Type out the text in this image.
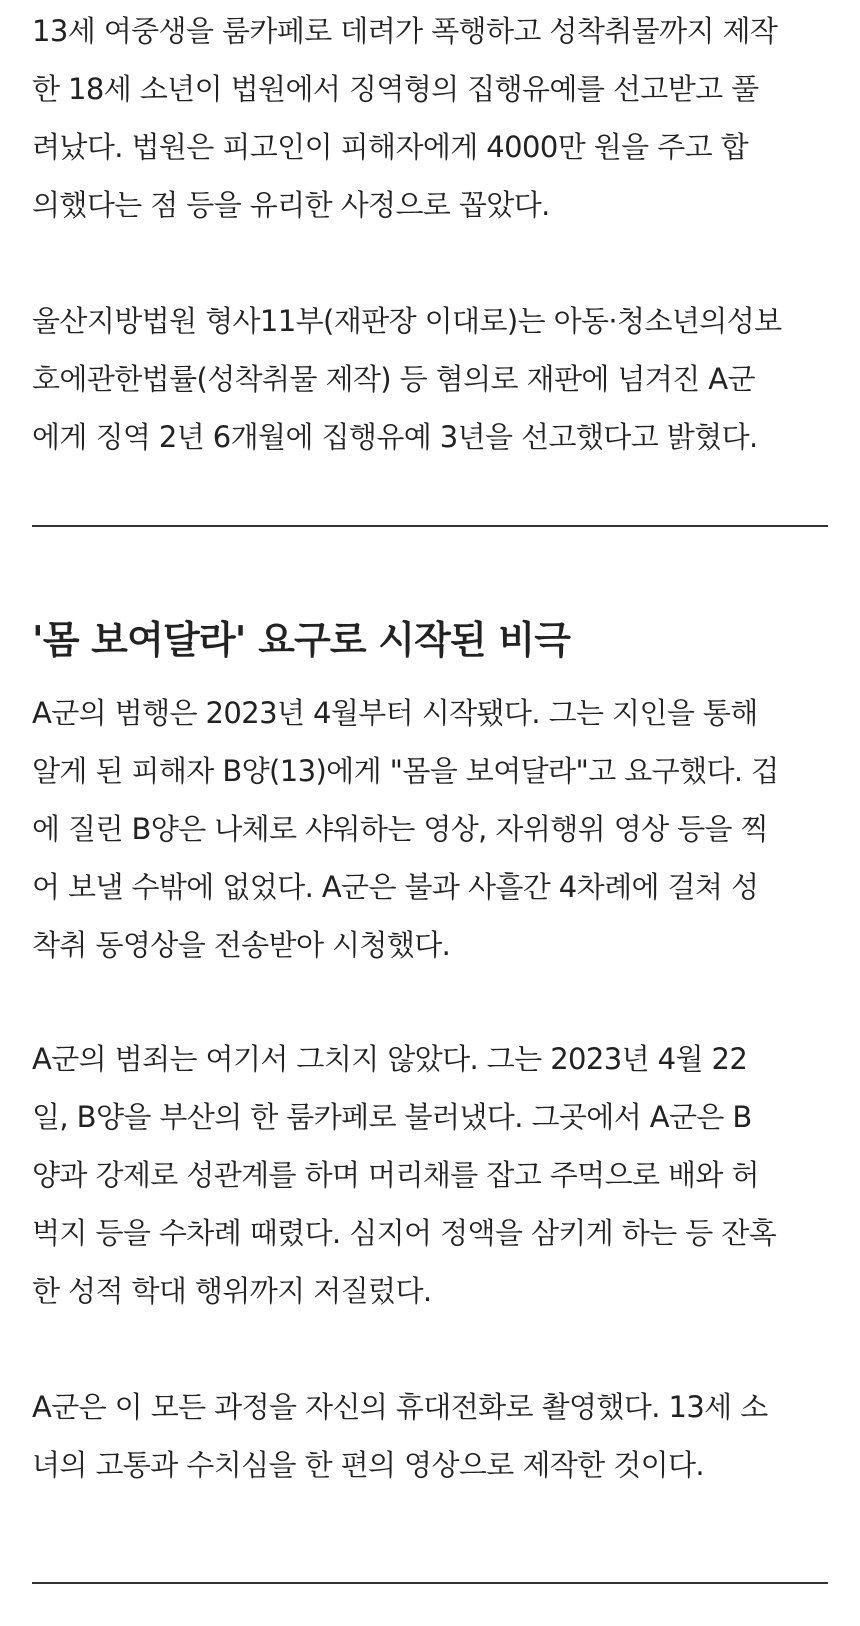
13세 여중생을 룸카페로 데려가 폭행하고 성착취물까지 제작
한 18세 소년이 법원에서 징역형의 집행유예를 선고받고 풀
려났다. 법원은 피고인이 피해자에게 4000만 원을 주고 합
의했다는 점 등을 유리한 사정으로 꼽았다.

울산지방법원 형사11부(재판장 이대로)는 아동·청소년의성보
호에관한법률(성착취물 제작) 등 혐의로 재판에 넘겨진 A군
에게 징역 2년 6개월에 집행유예 3년을 선고했다고 밝혔다.

'몸 보여달라' 요구로 시작된 비극

A군의 범행은 2023년 4월부터 시작됐다. 그는 지인을 통해
알게 된 피해자 B양(13)에게 "몸을 보여달라"고 요구했다. 겁
에 질린 B양은 나체로 샤워하는 영상, 자위행위 영상 등을 찍
어 보낼 수밖에 없었다. A군은 불과 사흘간 4차례에 걸쳐 성
착취 동영상을 전송받아 시청했다.

A군의 범죄는 여기서 그치지 않았다. 그는 2023년 4월 22
일, B양을 부산의 한 룸카페로 불러냈다. 그곳에서 A군은 B
양과 강제로 성관계를 하며 머리채를 잡고 주먹으로 배와 허
벅지 등을 수차례 때렸다. 심지어 정액을 삼키게 하는 등 잔혹
한 성적 학대 행위까지 저질렀다.

A군은 이 모든 과정을 자신의 휴대전화로 촬영했다. 13세 소
녀의 고통과 수치심을 한 편의 영상으로 제작한 것이다.
